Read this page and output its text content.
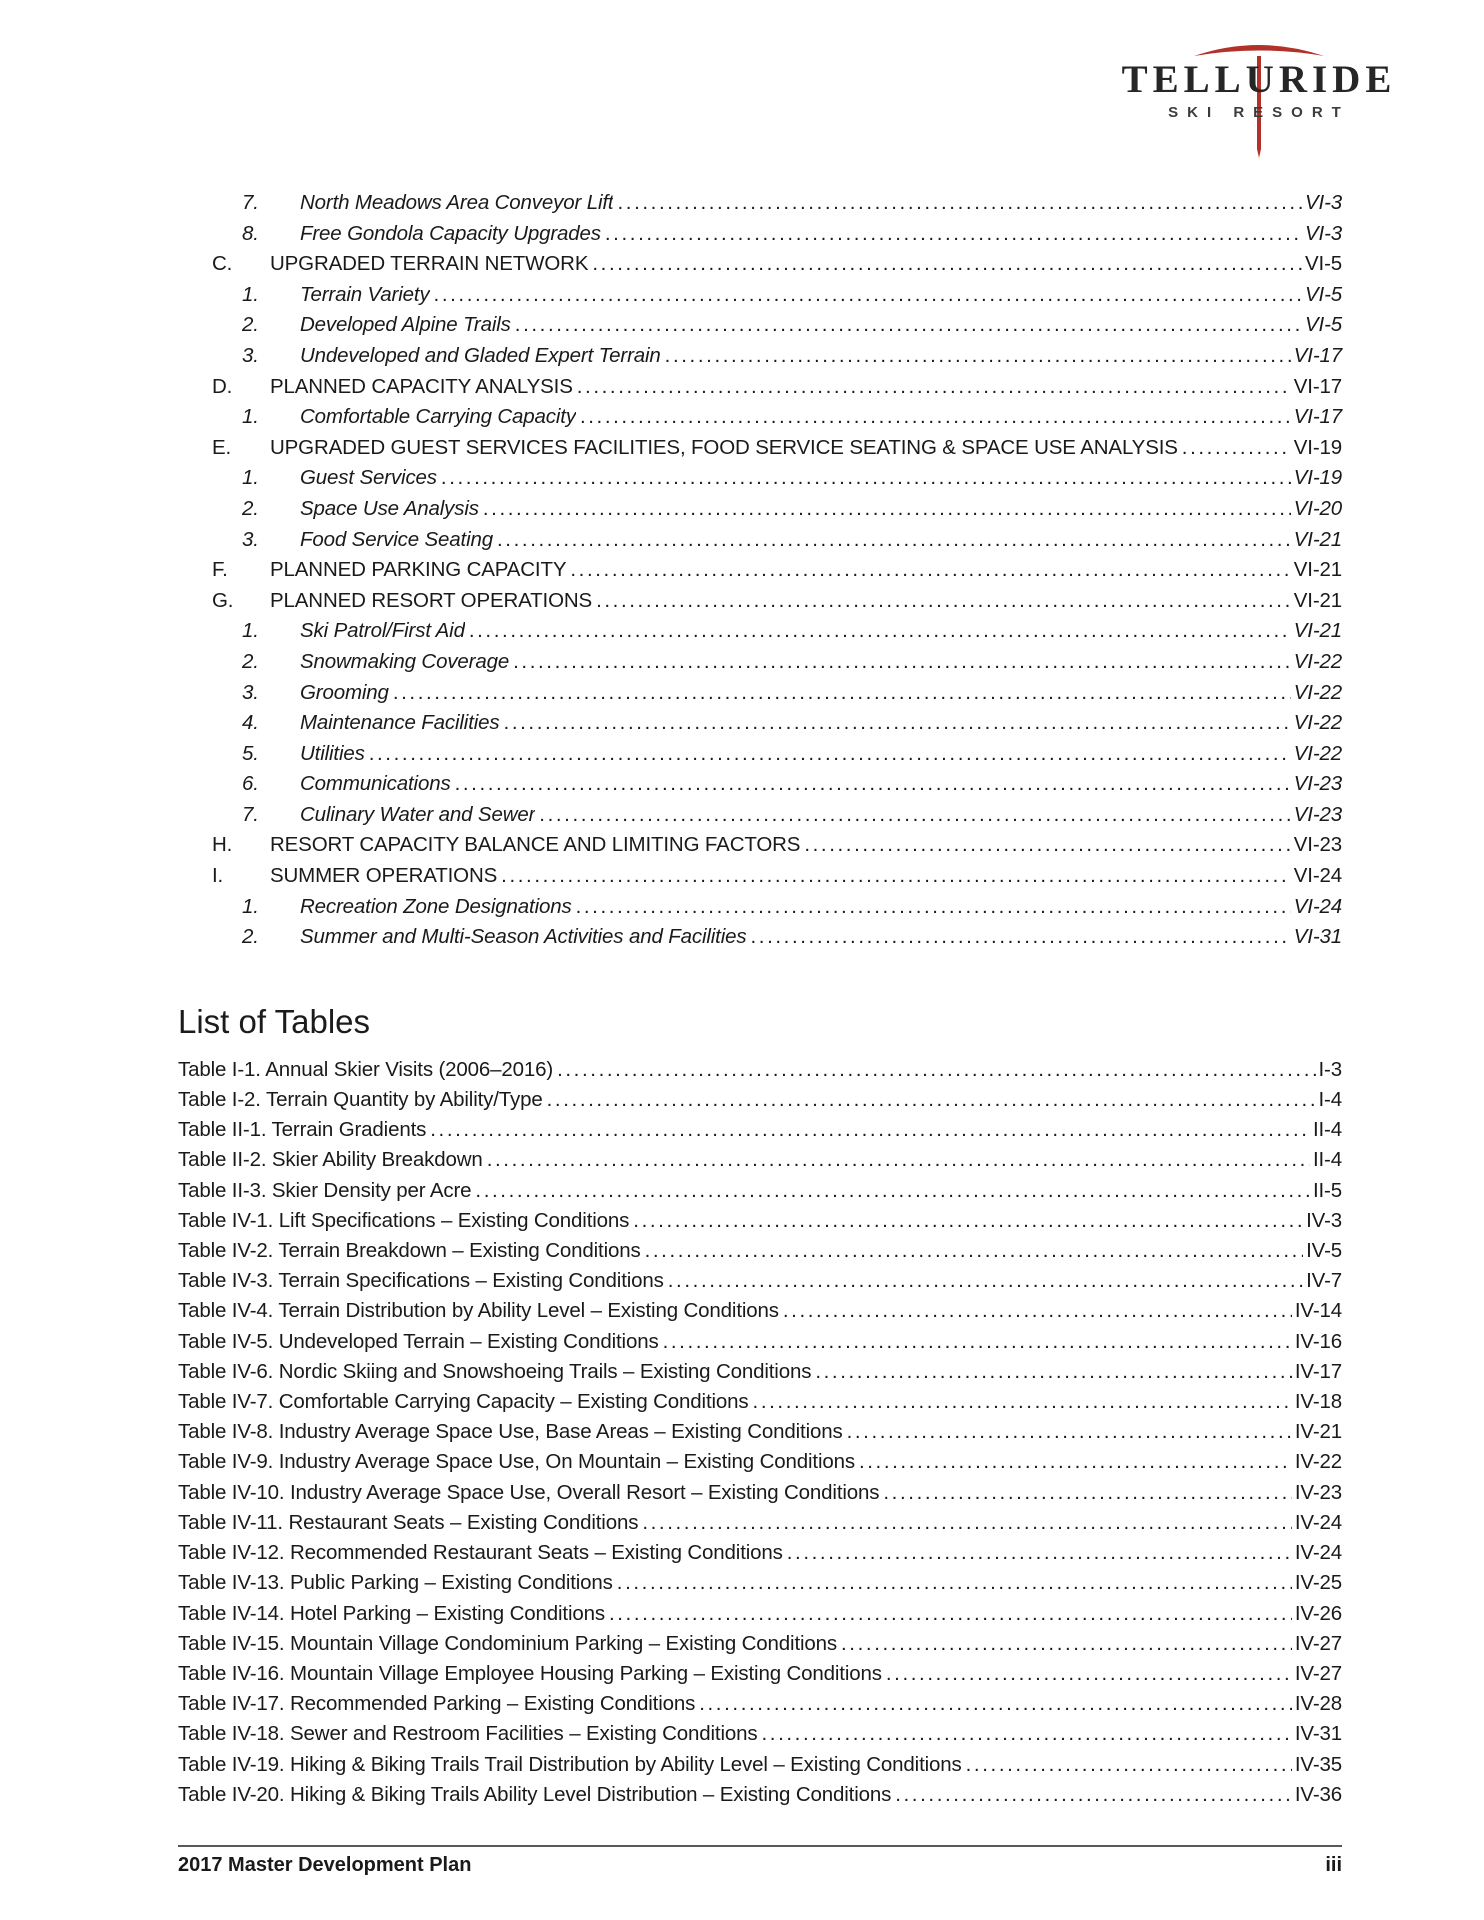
TELLURIDE
SKI RESORT
7.	North Meadows Area Conveyor Lift .....	VI-3
8.	Free Gondola Capacity Upgrades .....	VI-3
C.	UPGRADED TERRAIN NETWORK .....	VI-5
1.	Terrain Variety .....	VI-5
2.	Developed Alpine Trails .....	VI-5
3.	Undeveloped and Gladed Expert Terrain .....	VI-17
D.	PLANNED CAPACITY ANALYSIS .....	VI-17
1.	Comfortable Carrying Capacity .....	VI-17
E.	UPGRADED GUEST SERVICES FACILITIES, FOOD SERVICE SEATING & SPACE USE ANALYSIS .....	VI-19
1.	Guest Services .....	VI-19
2.	Space Use Analysis .....	VI-20
3.	Food Service Seating .....	VI-21
F.	PLANNED PARKING CAPACITY .....	VI-21
G.	PLANNED RESORT OPERATIONS .....	VI-21
1.	Ski Patrol/First Aid .....	VI-21
2.	Snowmaking Coverage .....	VI-22
3.	Grooming .....	VI-22
4.	Maintenance Facilities .....	VI-22
5.	Utilities .....	VI-22
6.	Communications .....	VI-23
7.	Culinary Water and Sewer .....	VI-23
H.	RESORT CAPACITY BALANCE AND LIMITING FACTORS .....	VI-23
I.	SUMMER OPERATIONS .....	VI-24
1.	Recreation Zone Designations .....	VI-24
2.	Summer and Multi-Season Activities and Facilities .....	VI-31
List of Tables
Table I-1. Annual Skier Visits (2006–2016) .....	I-3
Table I-2. Terrain Quantity by Ability/Type .....	I-4
Table II-1. Terrain Gradients .....	II-4
Table II-2. Skier Ability Breakdown .....	II-4
Table II-3. Skier Density per Acre .....	II-5
Table IV-1. Lift Specifications – Existing Conditions .....	IV-3
Table IV-2. Terrain Breakdown – Existing Conditions .....	IV-5
Table IV-3. Terrain Specifications – Existing Conditions .....	IV-7
Table IV-4. Terrain Distribution by Ability Level – Existing Conditions .....	IV-14
Table IV-5. Undeveloped Terrain – Existing Conditions .....	IV-16
Table IV-6. Nordic Skiing and Snowshoeing Trails – Existing Conditions .....	IV-17
Table IV-7. Comfortable Carrying Capacity – Existing Conditions .....	IV-18
Table IV-8. Industry Average Space Use, Base Areas – Existing Conditions .....	IV-21
Table IV-9. Industry Average Space Use, On Mountain – Existing Conditions .....	IV-22
Table IV-10. Industry Average Space Use, Overall Resort – Existing Conditions .....	IV-23
Table IV-11. Restaurant Seats – Existing Conditions .....	IV-24
Table IV-12. Recommended Restaurant Seats – Existing Conditions .....	IV-24
Table IV-13. Public Parking – Existing Conditions .....	IV-25
Table IV-14. Hotel Parking – Existing Conditions .....	IV-26
Table IV-15. Mountain Village Condominium Parking – Existing Conditions .....	IV-27
Table IV-16. Mountain Village Employee Housing Parking – Existing Conditions .....	IV-27
Table IV-17. Recommended Parking – Existing Conditions .....	IV-28
Table IV-18. Sewer and Restroom Facilities – Existing Conditions .....	IV-31
Table IV-19. Hiking & Biking Trails Trail Distribution by Ability Level – Existing Conditions .....	IV-35
Table IV-20. Hiking & Biking Trails Ability Level Distribution – Existing Conditions .....	IV-36
2017 Master Development Plan	iii
